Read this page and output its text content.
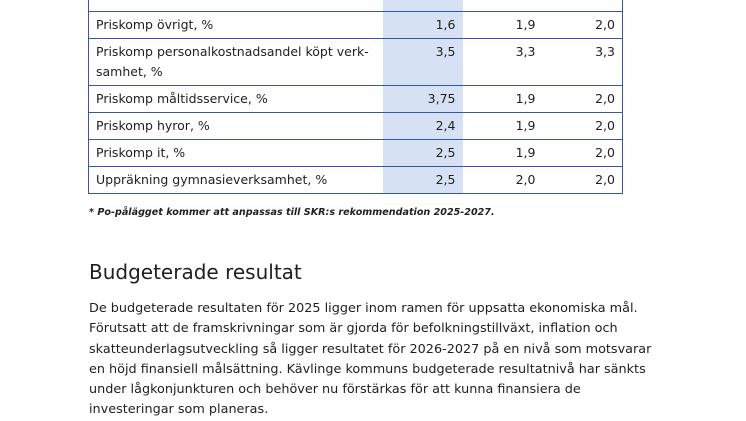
Priskomp övrigt, %	1,6	1,9	2,0
Priskomp personalkostnadsandel köpt verk-samhet, %	3,5	3,3	3,3
Priskomp måltidsservice, %	3,75	1,9	2,0
Priskomp hyror, %	2,4	1,9	2,0
Priskomp it, %	2,5	1,9	2,0
Uppräkning gymnasieverksamhet, %	2,5	2,0	2,0
* Po-pålägget kommer att anpassas till SKR:s rekommendation 2025-2027.
Budgeterade resultat

De budgeterade resultaten för 2025 ligger inom ramen för uppsatta ekonomiska mål. Förutsatt att de framskrivningar som är gjorda för befolkningstillväxt, inflation och skatteunderlagsutveckling så ligger resultatet för 2026-2027 på en nivå som motsvarar en höjd finansiell målsättning. Kävlinge kommuns budgeterade resultatnivå har sänkts under lågkonjunkturen och behöver nu förstärkas för att kunna finansiera de investeringar som planeras.
